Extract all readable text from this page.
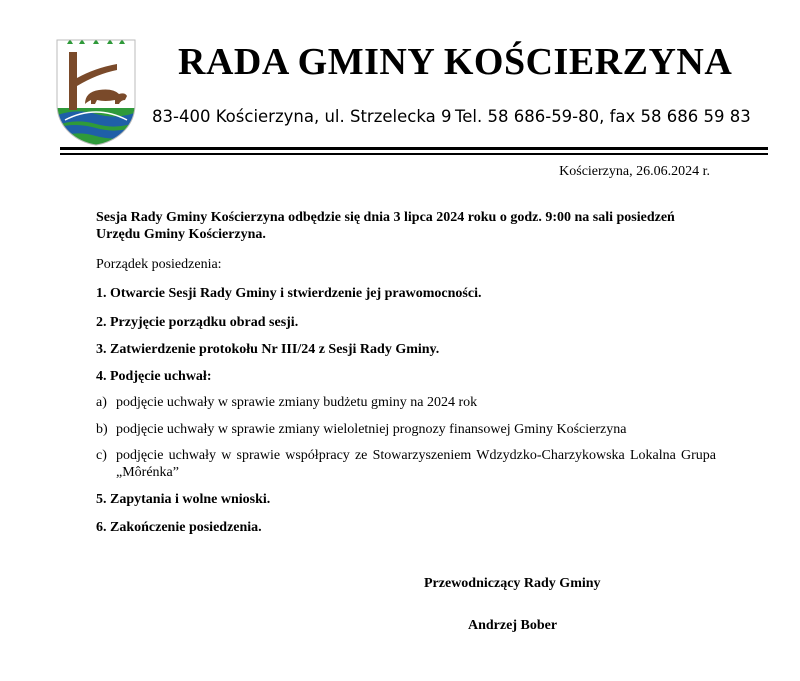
RADA GMINY KOŚCIERZYNA
83-400 Kościerzyna, ul. Strzelecka 9 Tel. 58 686-59-80, fax 58 686 59 83
Kościerzyna, 26.06.2024 r.
Sesja Rady Gminy Kościerzyna odbędzie się dnia 3 lipca 2024 roku o godz. 9:00 na sali posiedzeń Urzędu Gminy Kościerzyna.
Porządek posiedzenia:
1. Otwarcie Sesji Rady Gminy i stwierdzenie jej prawomocności.
2. Przyjęcie porządku obrad sesji.
3. Zatwierdzenie protokołu Nr III/24 z Sesji Rady Gminy.
4. Podjęcie uchwał:
a) podjęcie uchwały w sprawie zmiany budżetu gminy na 2024 rok
b) podjęcie uchwały w sprawie zmiany wieloletniej prognozy finansowej Gminy Kościerzyna
c) podjęcie uchwały w sprawie współpracy ze Stowarzyszeniem Wdzydzko-Charzykowska Lokalna Grupa „Môrénka”
5. Zapytania i wolne wnioski.
6. Zakończenie posiedzenia.
Przewodniczący Rady Gminy
Andrzej Bober
